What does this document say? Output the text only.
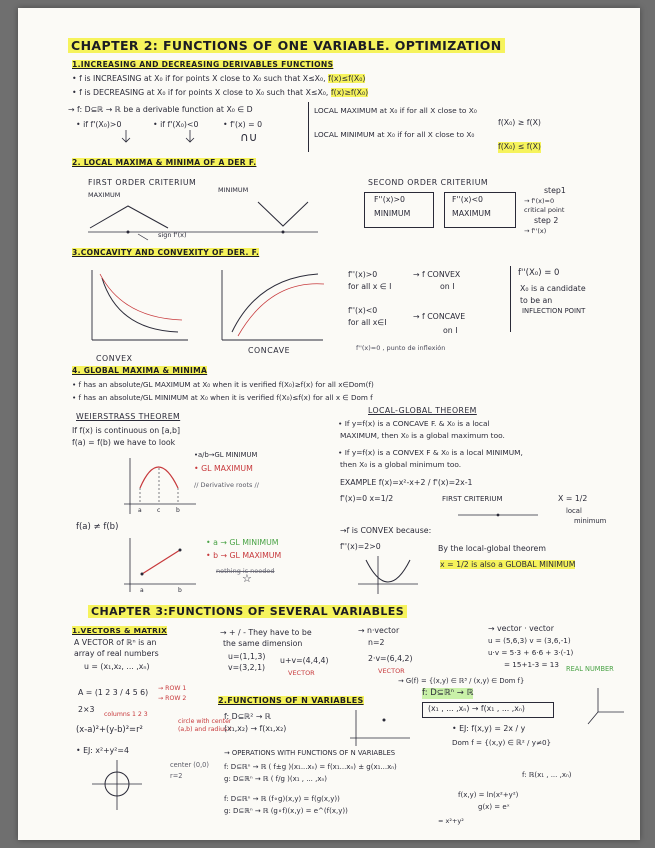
CHAPTER 2: FUNCTIONS OF ONE VARIABLE. OPTIMIZATION
1.INCREASING AND DECREASING DERIVABLES FUNCTIONS
• f is INCREASING at X₀ if for points X close to X₀ such that X≤X₀, f(x)≤f(X₀)
• f is DECREASING at X₀ if for points X close to X₀ such that X≤X₀, f(x)≥f(X₀)
→ f: D⊆ℝ → ℝ be a derivable function at X₀ ∈ D
• if f'(X₀)>0	• if f'(X₀)<0	• f'(x) = 0
∩∪
LOCAL MAXIMUM at X₀ if for all X close to X₀
f(X₀) ≥ f(X)
LOCAL MINIMUM at X₀ if for all X close to X₀
f(X₀) ≤ f(X)
2. LOCAL MAXIMA & MINIMA OF A DER F.
FIRST ORDER CRITERIUM
MAXIMUM
MINIMUM
sign f'(x)
SECOND ORDER CRITERIUM
F''(x)>0
MINIMUM
F''(x)<0
MAXIMUM
step1
→ f'(x)=0
critical point
step 2
→ f''(x)
3.CONCAVITY AND CONVEXITY OF DER. F.
CONVEX
CONCAVE
f''(x)>0
for all x ∈ I
→ f CONVEX
on I
f''(x)<0
for all x∈I
→ f CONCAVE
on I
f''(X₀) = 0
X₀ is a candidate
to be an
INFLECTION POINT
f''(x)=0 , punto de inflexión
4. GLOBAL MAXIMA & MINIMA
• f has an absolute/GL MAXIMUM at X₀ when it is verified f(X₀)≥f(x) for all x∈Dom(f)
• f has an absolute/GL MINIMUM at X₀ when it is verified f(X₀)≤f(x) for all x ∈ Dom f
WEIERSTRASS THEOREM
If f(x) is continuous on [a,b]
f(a) = f(b) we have to look
•a/b→GL MINIMUM
• GL MAXIMUM
// Derivative roots //
a	c	b
f(a) ≠ f(b)
a	b
• a → GL MINIMUM
• b → GL MAXIMUM
nothing is needed
☆
LOCAL-GLOBAL THEOREM
• If y=f(x) is a CONCAVE F. & X₀ is a local
MAXIMUM, then X₀ is a global maximum too.
• If y=f(x) is a CONVEX F & X₀ is a local MINIMUM,
then X₀ is a global minimum too.
EXAMPLE f(x)=x²-x+2 / f'(x)=2x-1
f'(x)=0 x=1/2	FIRST CRITERIUM	X = 1/2
local
minimum
→f is CONVEX because:
f''(x)=2>0	By the local-global theorem
x = 1/2 is also a GLOBAL MINIMUM
CHAPTER 3:FUNCTIONS OF SEVERAL VARIABLES
1.VECTORS & MATRIX
A VECTOR of ℝⁿ is an
array of real numbers
u = (x₁,x₂, ... ,xₙ)
→ + / - They have to be
the same dimension
u=(1,1,3)
v=(3,2,1)
u+v=(4,4,4)
VECTOR
→ n·vector
n=2
2·v=(6,4,2)
VECTOR
→ vector · vector
u = (5,6,3) v = (3,6,-1)
u·v = 5·3 + 6·6 + 3·(-1)
= 15+1-3 = 13 REAL NUMBER
A = (1 2 3 / 4 5 6) → ROW 1
→ ROW 2
2×3
columns 1 2 3
(x-a)²+(y-b)²=r²
circle with center (a,b) and radius r
• EJ: x²+y²=4
center (0,0) r=2
2.FUNCTIONS OF N VARIABLES
f: D⊆ℝⁿ → ℝ
(x₁ , ... ,xₙ) → f(x₁ , ... ,xₙ)
→ G(f) = {(x,y) ∈ ℝ³ / (x,y) ∈ Dom f}
f: D⊆ℝ² → ℝ
(x₁,x₂) → f(x₁,x₂)	• EJ: f(x,y) = 2x / y
Dom f = {(x,y) ∈ ℝ² / y≠0}
→ OPERATIONS WITH FUNCTIONS OF N VARIABLES
f: D⊆ℝⁿ → ℝ ( f±g )(x₁...xₙ) = f(x₁...xₙ) ± g(x₁...xₙ)
g: D⊆ℝⁿ → ℝ ( f/g )(x₁ , ... ,xₙ)	f: ℝ(x₁ , ... ,xₙ)
f: D⊆ℝⁿ → ℝ (f∘g)(x,y) = f(g(x,y))
g: D⊆ℝⁿ → ℝ (g∘f)(x,y) = e^(f(x,y))
f(x,y) = ln(x²+y²)
g(x) = eˣ
= x²+y²
